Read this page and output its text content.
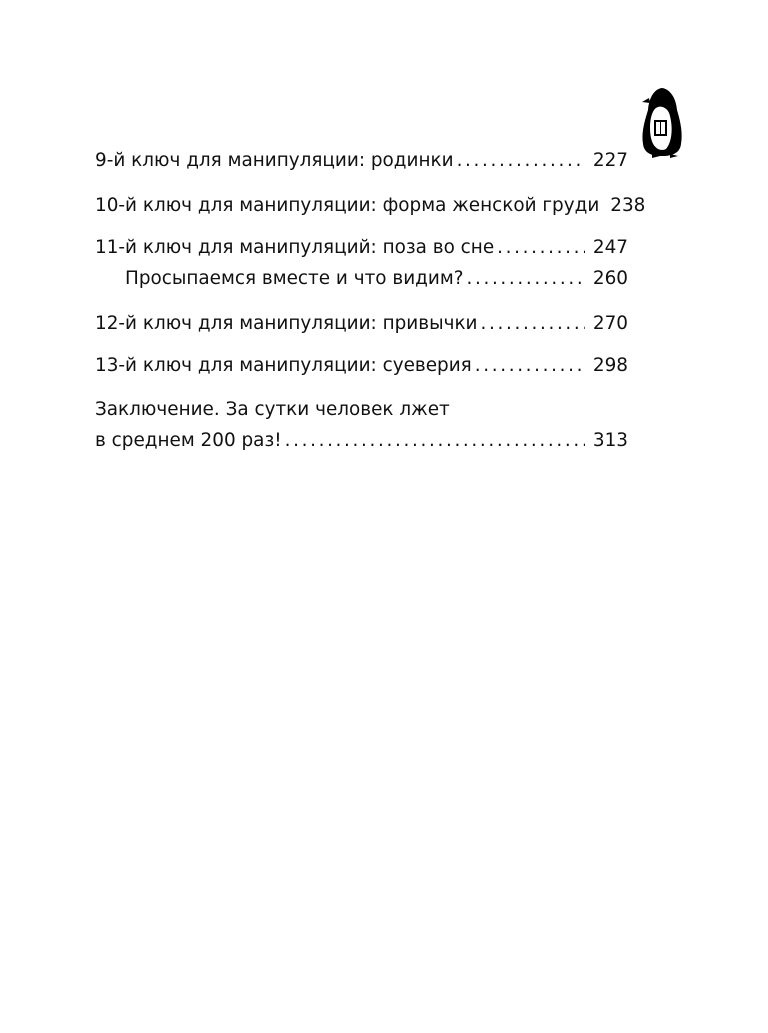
9-й ключ для манипуляции: родинки . . .	227
10-й ключ для манипуляции: форма женской груди . . . 238
11-й ключ для манипуляций: поза во сне . . .	247
Просыпаемся вместе и что видим? . . .	260
12-й ключ для манипуляции: привычки . . .	270
13-й ключ для манипуляции: суеверия . . .	298
Заключение. За сутки человек лжет
в среднем 200 раз! . . .	313
